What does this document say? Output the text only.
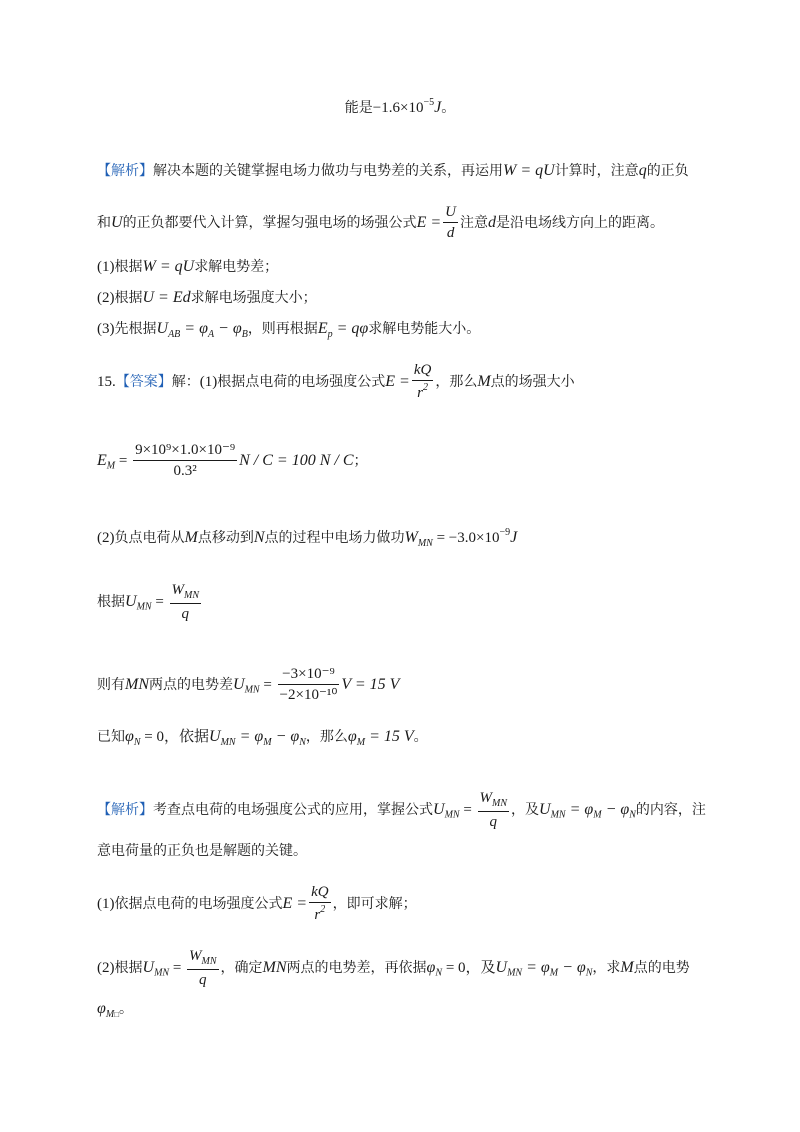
能是$-1.6\times 10^{-5}J$。
【解析】解决本题的关键掌握电场力做功与电势差的关系，再运用W = qU计算时，注意q的正负
和U的正负都要代入计算，掌握匀强电场的场强公式$E = \frac{U}{d}$ 注意d是沿电场线方向上的距离。
(1)根据W = qU求解电势差；
(2)根据U = Ed求解电场强度大小；
(3)先根据$U_{AB} = \varphi_A - \varphi_B$，则再根据$E_p = q\varphi$求解电势能大小。
15.【答案】解：(1)根据点电荷的电场强度公式$E = \frac{kQ}{r^2}$ ，那么M点的场强大小
$E_M = \frac{\text{9×10⁹×1.0×10⁻⁹}}{\text{0.3²}}$ N / C = 100 N / C；
(2)负点电荷从M点移动到N点的过程中电场力做功$W_{MN} = -3.0\times 10^{-9}J$
根据$U_{MN} = \frac{W_{MN}}{q}$
则有MN两点的电势差$U_{MN} = \frac{\text{−3×10⁻⁹}}{\text{−2×10⁻¹⁰}}$ V = 15 V
已知$\varphi_N = 0$，依据$U_{MN} = \varphi_M - \varphi_N$，那么$\varphi_M = 15$ V。
【解析】考查点电荷的电场强度公式的应用，掌握公式$U_{MN} = \frac{W_{MN}}{q}$ ，及$U_{MN} = \varphi_M - \varphi_N$的内容，注
意电荷量的正负也是解题的关键。
(1)依据点电荷的电场强度公式$E = \frac{kQ}{r^2}$ ，即可求解；
(2)根据$U_{MN} = \frac{W_{MN}}{q}$ ，确定MN两点的电势差，再依据$\varphi_N = 0$，及$U_{MN} = \varphi_M - \varphi_N$，求M点的电势
$\varphi_{M□}$。
